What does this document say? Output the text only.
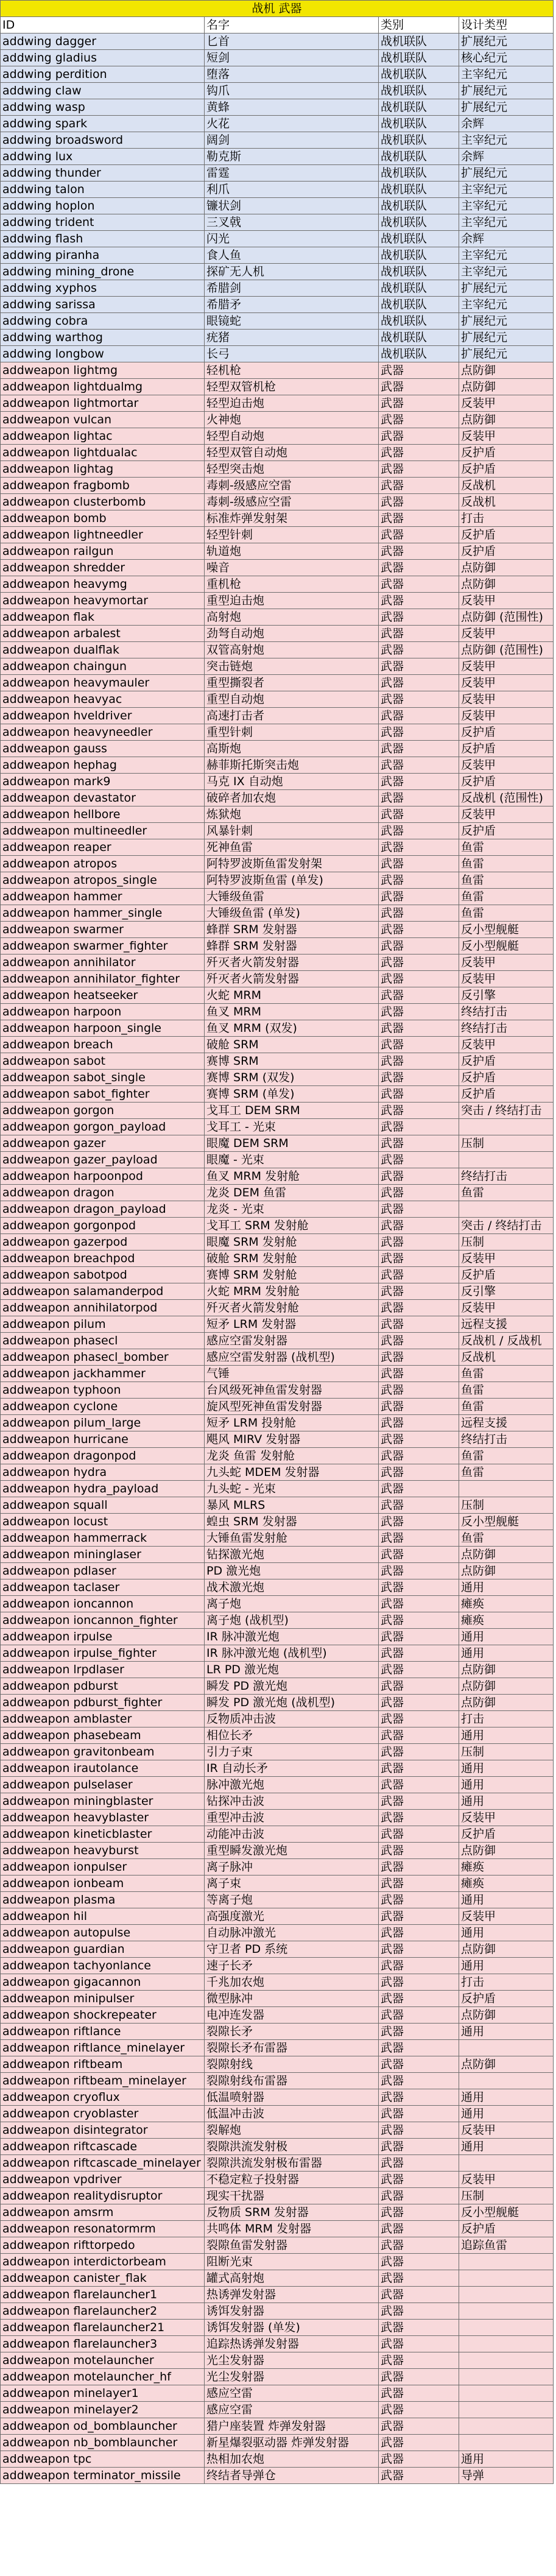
战机 武器			
ID	名字	类别	设计类型
addwing dagger	匕首	战机联队	扩展纪元
addwing gladius	短剑	战机联队	核心纪元
addwing perdition	堕落	战机联队	主宰纪元
addwing claw	钩爪	战机联队	扩展纪元
addwing wasp	黄蜂	战机联队	扩展纪元
addwing spark	火花	战机联队	余辉
addwing broadsword	阔剑	战机联队	主宰纪元
addwing lux	勒克斯	战机联队	余辉
addwing thunder	雷霆	战机联队	扩展纪元
addwing talon	利爪	战机联队	主宰纪元
addwing hoplon	镰状剑	战机联队	主宰纪元
addwing trident	三叉戟	战机联队	主宰纪元
addwing flash	闪光	战机联队	余辉
addwing piranha	食人鱼	战机联队	主宰纪元
addwing mining_drone	探矿无人机	战机联队	主宰纪元
addwing xyphos	希腊剑	战机联队	扩展纪元
addwing sarissa	希腊矛	战机联队	主宰纪元
addwing cobra	眼镜蛇	战机联队	扩展纪元
addwing warthog	疣猪	战机联队	扩展纪元
addwing longbow	长弓	战机联队	扩展纪元
addweapon lightmg	轻机枪	武器	点防御
addweapon lightdualmg	轻型双管机枪	武器	点防御
addweapon lightmortar	轻型迫击炮	武器	反装甲
addweapon vulcan	火神炮	武器	点防御
addweapon lightac	轻型自动炮	武器	反装甲
addweapon lightdualac	轻型双管自动炮	武器	反护盾
addweapon lightag	轻型突击炮	武器	反护盾
addweapon fragbomb	毒刺-级感应空雷	武器	反战机
addweapon clusterbomb	毒刺-级感应空雷	武器	反战机
addweapon bomb	标准炸弹发射架	武器	打击
addweapon lightneedler	轻型针刺	武器	反护盾
addweapon railgun	轨道炮	武器	反护盾
addweapon shredder	噪音	武器	点防御
addweapon heavymg	重机枪	武器	点防御
addweapon heavymortar	重型迫击炮	武器	反装甲
addweapon flak	高射炮	武器	点防御 (范围性)
addweapon arbalest	劲弩自动炮	武器	反装甲
addweapon dualflak	双管高射炮	武器	点防御 (范围性)
addweapon chaingun	突击链炮	武器	反装甲
addweapon heavymauler	重型撕裂者	武器	反装甲
addweapon heavyac	重型自动炮	武器	反装甲
addweapon hveldriver	高速打击者	武器	反装甲
addweapon heavyneedler	重型针刺	武器	反护盾
addweapon gauss	高斯炮	武器	反护盾
addweapon hephag	赫菲斯托斯突击炮	武器	反装甲
addweapon mark9	马克 IX 自动炮	武器	反护盾
addweapon devastator	破碎者加农炮	武器	反战机 (范围性)
addweapon hellbore	炼狱炮	武器	反装甲
addweapon multineedler	风暴针刺	武器	反护盾
addweapon reaper	死神鱼雷	武器	鱼雷
addweapon atropos	阿特罗波斯鱼雷发射架	武器	鱼雷
addweapon atropos_single	阿特罗波斯鱼雷 (单发)	武器	鱼雷
addweapon hammer	大锤级鱼雷	武器	鱼雷
addweapon hammer_single	大锤级鱼雷 (单发)	武器	鱼雷
addweapon swarmer	蜂群 SRM 发射器	武器	反小型舰艇
addweapon swarmer_fighter	蜂群 SRM 发射器	武器	反小型舰艇
addweapon annihilator	歼灭者火箭发射器	武器	反装甲
addweapon annihilator_fighter	歼灭者火箭发射器	武器	反装甲
addweapon heatseeker	火蛇 MRM	武器	反引擎
addweapon harpoon	鱼叉 MRM	武器	终结打击
addweapon harpoon_single	鱼叉 MRM (双发)	武器	终结打击
addweapon breach	破舱 SRM	武器	反装甲
addweapon sabot	赛博 SRM	武器	反护盾
addweapon sabot_single	赛博 SRM (双发)	武器	反护盾
addweapon sabot_fighter	赛博 SRM (单发)	武器	反护盾
addweapon gorgon	戈耳工 DEM SRM	武器	突击 / 终结打击
addweapon gorgon_payload	戈耳工 - 光束	武器	
addweapon gazer	眼魔 DEM SRM	武器	压制
addweapon gazer_payload	眼魔 - 光束	武器	
addweapon harpoonpod	鱼叉 MRM 发射舱	武器	终结打击
addweapon dragon	龙炎 DEM 鱼雷	武器	鱼雷
addweapon dragon_payload	龙炎 - 光束	武器	
addweapon gorgonpod	戈耳工 SRM 发射舱	武器	突击 / 终结打击
addweapon gazerpod	眼魔 SRM 发射舱	武器	压制
addweapon breachpod	破舱 SRM 发射舱	武器	反装甲
addweapon sabotpod	赛博 SRM 发射舱	武器	反护盾
addweapon salamanderpod	火蛇 MRM 发射舱	武器	反引擎
addweapon annihilatorpod	歼灭者火箭发射舱	武器	反装甲
addweapon pilum	短矛 LRM 发射器	武器	远程支援
addweapon phasecl	感应空雷发射器	武器	反战机 / 反战机
addweapon phasecl_bomber	感应空雷发射器 (战机型)	武器	反战机
addweapon jackhammer	气锤	武器	鱼雷
addweapon typhoon	台风级死神鱼雷发射器	武器	鱼雷
addweapon cyclone	旋风型死神鱼雷发射器	武器	鱼雷
addweapon pilum_large	短矛 LRM 投射舱	武器	远程支援
addweapon hurricane	飓风 MIRV 发射器	武器	终结打击
addweapon dragonpod	龙炎 鱼雷 发射舱	武器	鱼雷
addweapon hydra	九头蛇 MDEM 发射器	武器	鱼雷
addweapon hydra_payload	九头蛇 - 光束	武器	
addweapon squall	暴风 MLRS	武器	压制
addweapon locust	蝗虫 SRM 发射器	武器	反小型舰艇
addweapon hammerrack	大锤鱼雷发射舱	武器	鱼雷
addweapon mininglaser	钻探激光炮	武器	点防御
addweapon pdlaser	PD 激光炮	武器	点防御
addweapon taclaser	战术激光炮	武器	通用
addweapon ioncannon	离子炮	武器	瘫痪
addweapon ioncannon_fighter	离子炮 (战机型)	武器	瘫痪
addweapon irpulse	IR 脉冲激光炮	武器	通用
addweapon irpulse_fighter	IR 脉冲激光炮 (战机型)	武器	通用
addweapon lrpdlaser	LR PD 激光炮	武器	点防御
addweapon pdburst	瞬发 PD 激光炮	武器	点防御
addweapon pdburst_fighter	瞬发 PD 激光炮 (战机型)	武器	点防御
addweapon amblaster	反物质冲击波	武器	打击
addweapon phasebeam	相位长矛	武器	通用
addweapon gravitonbeam	引力子束	武器	压制
addweapon irautolance	IR 自动长矛	武器	通用
addweapon pulselaser	脉冲激光炮	武器	通用
addweapon miningblaster	钻探冲击波	武器	通用
addweapon heavyblaster	重型冲击波	武器	反装甲
addweapon kineticblaster	动能冲击波	武器	反护盾
addweapon heavyburst	重型瞬发激光炮	武器	点防御
addweapon ionpulser	离子脉冲	武器	瘫痪
addweapon ionbeam	离子束	武器	瘫痪
addweapon plasma	等离子炮	武器	通用
addweapon hil	高强度激光	武器	反装甲
addweapon autopulse	自动脉冲激光	武器	通用
addweapon guardian	守卫者 PD 系统	武器	点防御
addweapon tachyonlance	速子长矛	武器	通用
addweapon gigacannon	千兆加农炮	武器	打击
addweapon minipulser	微型脉冲	武器	反护盾
addweapon shockrepeater	电冲连发器	武器	点防御
addweapon riftlance	裂隙长矛	武器	通用
addweapon riftlance_minelayer	裂隙长矛布雷器	武器	
addweapon riftbeam	裂隙射线	武器	点防御
addweapon riftbeam_minelayer	裂隙射线布雷器	武器	
addweapon cryoflux	低温喷射器	武器	通用
addweapon cryoblaster	低温冲击波	武器	通用
addweapon disintegrator	裂解炮	武器	反装甲
addweapon riftcascade	裂隙洪流发射极	武器	通用
addweapon riftcascade_minelayer	裂隙洪流发射极布雷器	武器	
addweapon vpdriver	不稳定粒子投射器	武器	反装甲
addweapon realitydisruptor	现实干扰器	武器	压制
addweapon amsrm	反物质 SRM 发射器	武器	反小型舰艇
addweapon resonatormrm	共鸣体 MRM 发射器	武器	反护盾
addweapon rifttorpedo	裂隙鱼雷发射器	武器	追踪鱼雷
addweapon interdictorbeam	阻断光束	武器	
addweapon canister_flak	罐式高射炮	武器	
addweapon flarelauncher1	热诱弹发射器	武器	
addweapon flarelauncher2	诱饵发射器	武器	
addweapon flarelauncher21	诱饵发射器 (单发)	武器	
addweapon flarelauncher3	追踪热诱弹发射器	武器	
addweapon motelauncher	光尘发射器	武器	
addweapon motelauncher_hf	光尘发射器	武器	
addweapon minelayer1	感应空雷	武器	
addweapon minelayer2	感应空雷	武器	
addweapon od_bomblauncher	猎户座装置 炸弹发射器	武器	
addweapon nb_bomblauncher	新星爆裂驱动器 炸弹发射器	武器	
addweapon tpc	热相加农炮	武器	通用
addweapon terminator_missile	终结者导弹仓	武器	导弹
